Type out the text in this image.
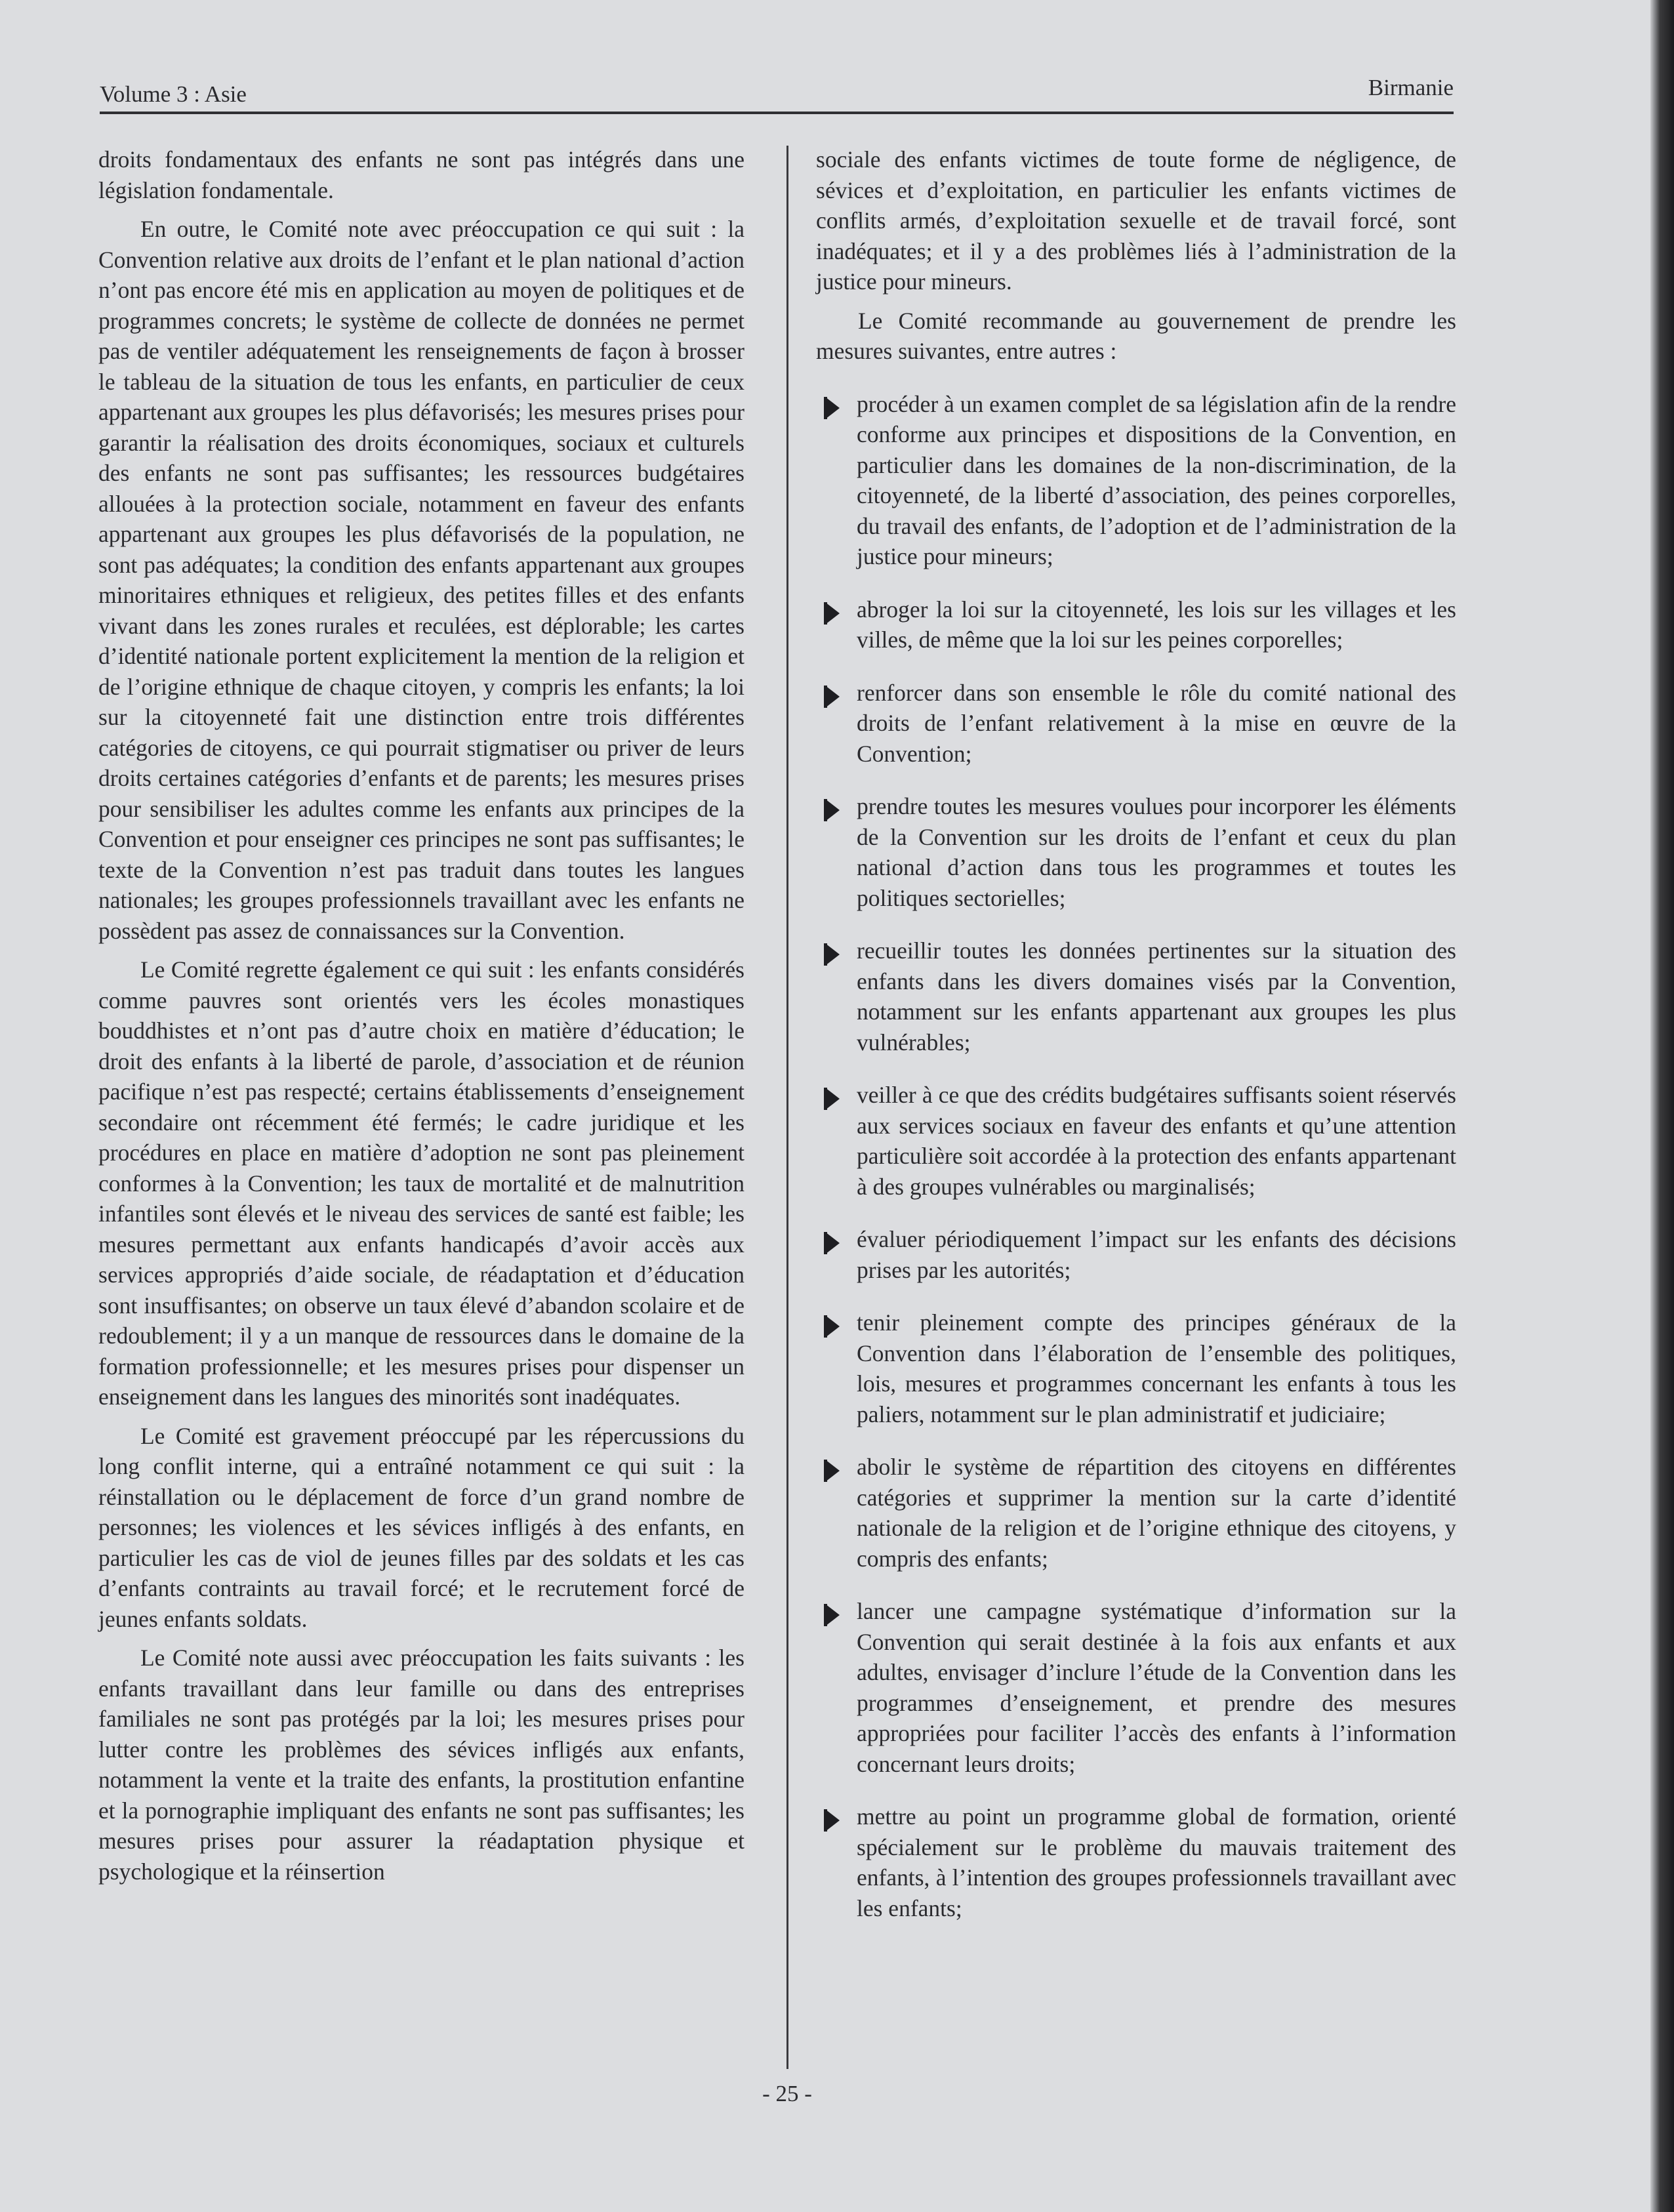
Volume 3 : Asie	Birmanie

droits fondamentaux des enfants ne sont pas intégrés dans une législation fondamentale.

En outre, le Comité note avec préoccupation ce qui suit : la Convention relative aux droits de l’enfant et le plan national d’action n’ont pas encore été mis en application au moyen de politiques et de programmes concrets; le système de collecte de données ne permet pas de ventiler adéquatement les renseignements de façon à brosser le tableau de la situation de tous les enfants, en particulier de ceux appartenant aux groupes les plus défavorisés; les mesures prises pour garantir la réalisation des droits économiques, sociaux et culturels des enfants ne sont pas suffisantes; les ressources budgétaires allouées à la protection sociale, notamment en faveur des enfants appartenant aux groupes les plus défavorisés de la population, ne sont pas adéquates; la condition des enfants appartenant aux groupes minoritaires ethniques et religieux, des petites filles et des enfants vivant dans les zones rurales et reculées, est déplorable; les cartes d’identité nationale portent explicitement la mention de la religion et de l’origine ethnique de chaque citoyen, y compris les enfants; la loi sur la citoyenneté fait une distinction entre trois différentes catégories de citoyens, ce qui pourrait stigmatiser ou priver de leurs droits certaines catégories d’enfants et de parents; les mesures prises pour sensibiliser les adultes comme les enfants aux principes de la Convention et pour enseigner ces principes ne sont pas suffisantes; le texte de la Convention n’est pas traduit dans toutes les langues nationales; les groupes professionnels travaillant avec les enfants ne possèdent pas assez de connaissances sur la Convention.

Le Comité regrette également ce qui suit : les enfants considérés comme pauvres sont orientés vers les écoles monastiques bouddhistes et n’ont pas d’autre choix en matière d’éducation; le droit des enfants à la liberté de parole, d’association et de réunion pacifique n’est pas respecté; certains établissements d’enseignement secondaire ont récemment été fermés; le cadre juridique et les procédures en place en matière d’adoption ne sont pas pleinement conformes à la Convention; les taux de mortalité et de malnutrition infantiles sont élevés et le niveau des services de santé est faible; les mesures permettant aux enfants handicapés d’avoir accès aux services appropriés d’aide sociale, de réadaptation et d’éducation sont insuffisantes; on observe un taux élevé d’abandon scolaire et de redoublement; il y a un manque de ressources dans le domaine de la formation professionnelle; et les mesures prises pour dispenser un enseignement dans les langues des minorités sont inadéquates.

Le Comité est gravement préoccupé par les répercussions du long conflit interne, qui a entraîné notamment ce qui suit : la réinstallation ou le déplacement de force d’un grand nombre de personnes; les violences et les sévices infligés à des enfants, en particulier les cas de viol de jeunes filles par des soldats et les cas d’enfants contraints au travail forcé; et le recrutement forcé de jeunes enfants soldats.

Le Comité note aussi avec préoccupation les faits suivants : les enfants travaillant dans leur famille ou dans des entreprises familiales ne sont pas protégés par la loi; les mesures prises pour lutter contre les problèmes des sévices infligés aux enfants, notamment la vente et la traite des enfants, la prostitution enfantine et la pornographie impliquant des enfants ne sont pas suffisantes; les mesures prises pour assurer la réadaptation physique et psychologique et la réinsertion

sociale des enfants victimes de toute forme de négligence, de sévices et d’exploitation, en particulier les enfants victimes de conflits armés, d’exploitation sexuelle et de travail forcé, sont inadéquates; et il y a des problèmes liés à l’administration de la justice pour mineurs.

Le Comité recommande au gouvernement de prendre les mesures suivantes, entre autres :

procéder à un examen complet de sa législation afin de la rendre conforme aux principes et dispositions de la Convention, en particulier dans les domaines de la non-discrimination, de la citoyenneté, de la liberté d’association, des peines corporelles, du travail des enfants, de l’adoption et de l’administration de la justice pour mineurs;
abroger la loi sur la citoyenneté, les lois sur les villages et les villes, de même que la loi sur les peines corporelles;
renforcer dans son ensemble le rôle du comité national des droits de l’enfant relativement à la mise en œuvre de la Convention;
prendre toutes les mesures voulues pour incorporer les éléments de la Convention sur les droits de l’enfant et ceux du plan national d’action dans tous les programmes et toutes les politiques sectorielles;
recueillir toutes les données pertinentes sur la situation des enfants dans les divers domaines visés par la Convention, notamment sur les enfants appartenant aux groupes les plus vulnérables;
veiller à ce que des crédits budgétaires suffisants soient réservés aux services sociaux en faveur des enfants et qu’une attention particulière soit accordée à la protection des enfants appartenant à des groupes vulnérables ou marginalisés;
évaluer périodiquement l’impact sur les enfants des décisions prises par les autorités;
tenir pleinement compte des principes généraux de la Convention dans l’élaboration de l’ensemble des politiques, lois, mesures et programmes concernant les enfants à tous les paliers, notamment sur le plan administratif et judiciaire;
abolir le système de répartition des citoyens en différentes catégories et supprimer la mention sur la carte d’identité nationale de la religion et de l’origine ethnique des citoyens, y compris des enfants;
lancer une campagne systématique d’information sur la Convention qui serait destinée à la fois aux enfants et aux adultes, envisager d’inclure l’étude de la Convention dans les programmes d’enseignement, et prendre des mesures appropriées pour faciliter l’accès des enfants à l’information concernant leurs droits;
mettre au point un programme global de formation, orienté spécialement sur le problème du mauvais traitement des enfants, à l’intention des groupes professionnels travaillant avec les enfants;
- 25 -
